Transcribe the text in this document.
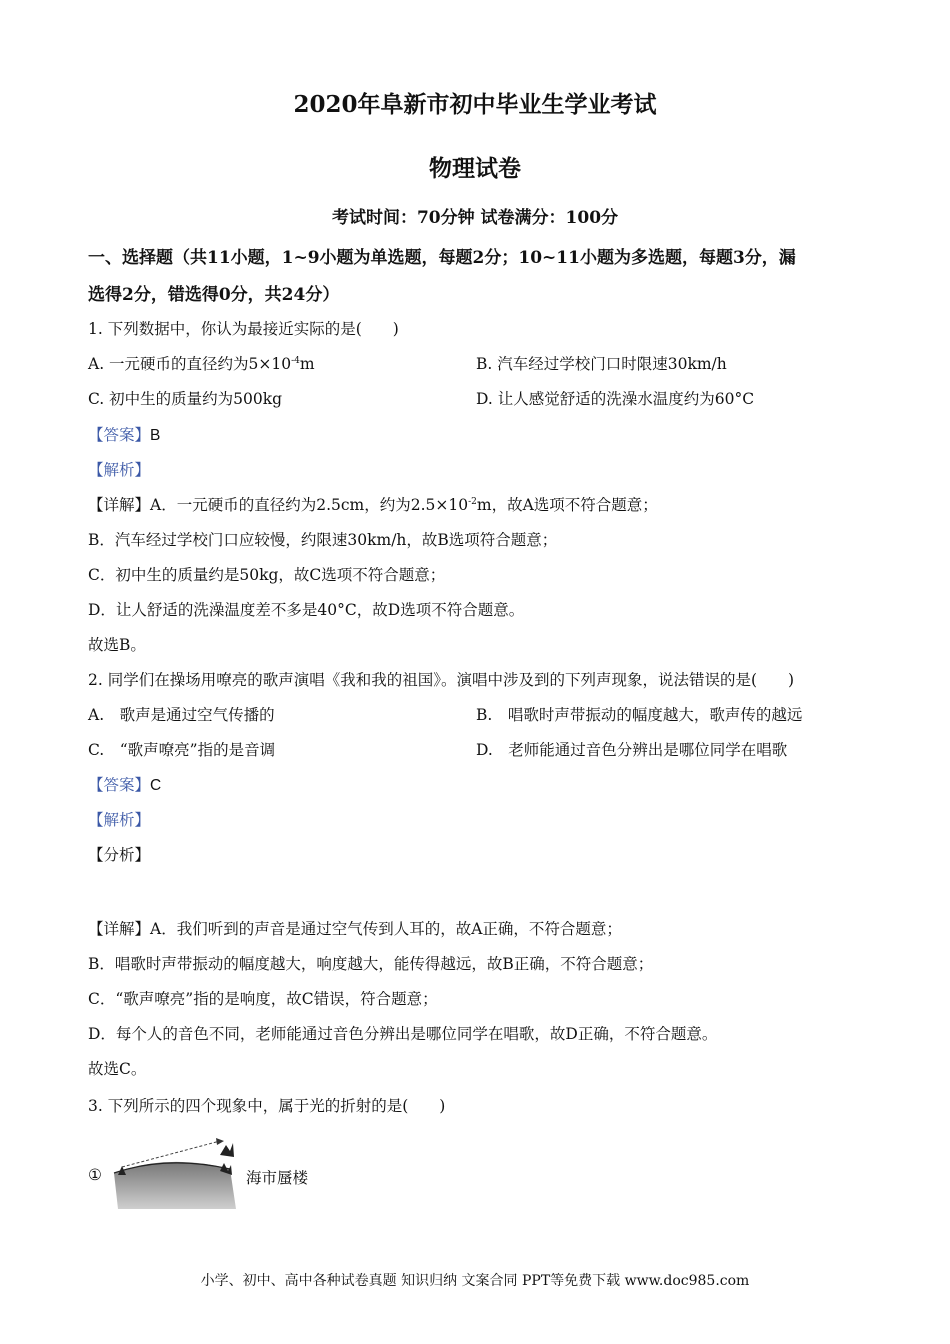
2020年阜新市初中毕业生学业考试
物理试卷
考试时间：70分钟 试卷满分：100分
一、选择题（共11小题，1~9小题为单选题，每题2分；10~11小题为多选题，每题3分，漏
选得2分，错选得0分，共24分）
1. 下列数据中，你认为最接近实际的是(　　)
A. 一元硬币的直径约为$5\times 10^{-4}m$	B. 汽车经过学校门口时限速30km/h
C. 初中生的质量约为500kg	D. 让人感觉舒适的洗澡水温度约为60°C
【答案】B
【解析】
【详解】A．一元硬币的直径约为2.5cm，约为$2.5\times 10^{-2}m$，故A选项不符合题意；
B．汽车经过学校门口应较慢，约限速30km/h，故B选项符合题意；
C．初中生的质量约是50kg，故C选项不符合题意；
D．让人舒适的洗澡温度差不多是40°C，故D选项不符合题意。
故选B。
2. 同学们在操场用嘹亮的歌声演唱《我和我的祖国》。演唱中涉及到的下列声现象，说法错误的是(　　)
A.　歌声是通过空气传播的	B.　唱歌时声带振动的幅度越大，歌声传的越远
C.　“歌声嘹亮”指的是音调	D.　老师能通过音色分辨出是哪位同学在唱歌
【答案】C
【解析】
【分析】
【详解】A．我们听到的声音是通过空气传到人耳的，故A正确，不符合题意；
B．唱歌时声带振动的幅度越大，响度越大，能传得越远，故B正确，不符合题意；
C．“歌声嘹亮”指的是响度，故C错误，符合题意；
D．每个人的音色不同，老师能通过音色分辨出是哪位同学在唱歌，故D正确，不符合题意。
故选C。
3. 下列所示的四个现象中，属于光的折射的是(　　)
①	海市蜃楼
小学、初中、高中各种试卷真题 知识归纳 文案合同 PPT等免费下载 www.doc985.com
